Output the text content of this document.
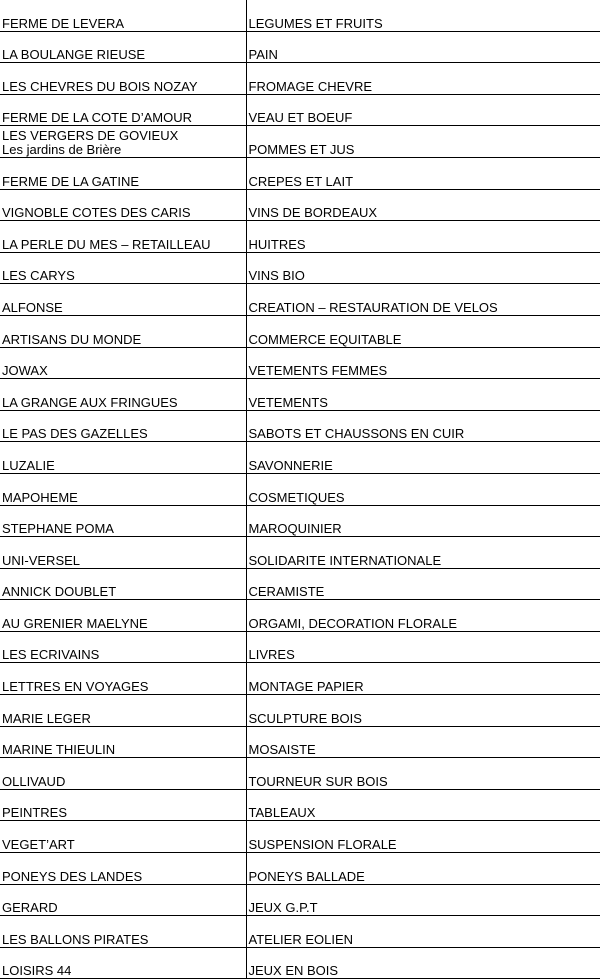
FERME DE LEVERA	LEGUMES ET FRUITS
LA BOULANGE RIEUSE	PAIN
LES CHEVRES DU BOIS NOZAY	FROMAGE CHEVRE
FERME DE LA COTE D’AMOUR	VEAU ET BOEUF
LES VERGERS DE GOVIEUX
Les jardins de Brière	POMMES ET JUS
FERME DE LA GATINE	CREPES ET LAIT
VIGNOBLE COTES DES CARIS	VINS DE BORDEAUX
LA PERLE DU MES – RETAILLEAU	HUITRES
LES CARYS	VINS BIO
ALFONSE	CREATION – RESTAURATION DE VELOS
ARTISANS DU MONDE	COMMERCE EQUITABLE
JOWAX	VETEMENTS FEMMES
LA GRANGE AUX FRINGUES	VETEMENTS
LE PAS DES GAZELLES	SABOTS ET CHAUSSONS EN CUIR
LUZALIE	SAVONNERIE
MAPOHEME	COSMETIQUES
STEPHANE POMA	MAROQUINIER
UNI-VERSEL	SOLIDARITE INTERNATIONALE
ANNICK DOUBLET	CERAMISTE
AU GRENIER MAELYNE	ORGAMI, DECORATION FLORALE
LES ECRIVAINS	LIVRES
LETTRES EN VOYAGES	MONTAGE PAPIER
MARIE LEGER	SCULPTURE BOIS
MARINE THIEULIN	MOSAISTE
OLLIVAUD	TOURNEUR SUR BOIS
PEINTRES	TABLEAUX
VEGET’ART	SUSPENSION FLORALE
PONEYS DES LANDES	PONEYS BALLADE
GERARD	JEUX G.P.T
LES BALLONS PIRATES	ATELIER EOLIEN
LOISIRS 44	JEUX EN BOIS
